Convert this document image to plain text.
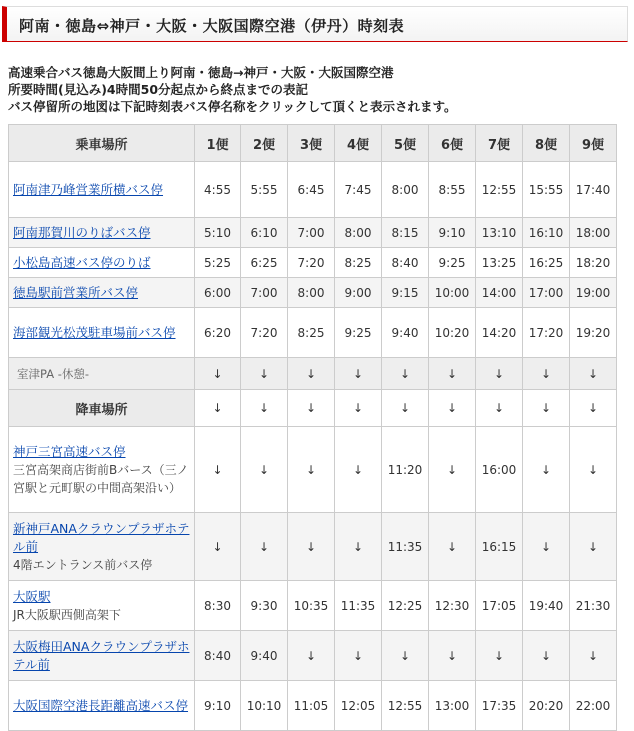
阿南・徳島⇔神戸・大阪・大阪国際空港（伊丹）時刻表
高速乗合バス徳島大阪間上り阿南・徳島→神戸・大阪・大阪国際空港
所要時間(見込み)4時間50分起点から終点までの表記
バス停留所の地図は下記時刻表バス停名称をクリックして頂くと表示されます。
乗車場所	1便	2便	3便	4便	5便	6便	7便	8便	9便
阿南津乃峰営業所横バス停	4:55	5:55	6:45	7:45	8:00	8:55	12:55	15:55	17:40
阿南那賀川のりばバス停	5:10	6:10	7:00	8:00	8:15	9:10	13:10	16:10	18:00
小松島高速バス停のりば	5:25	6:25	7:20	8:25	8:40	9:25	13:25	16:25	18:20
徳島駅前営業所バス停	6:00	7:00	8:00	9:00	9:15	10:00	14:00	17:00	19:00
海部観光松茂駐車場前バス停	6:20	7:20	8:25	9:25	9:40	10:20	14:20	17:20	19:20
室津PA -休憩-	↓	↓	↓	↓	↓	↓	↓	↓	↓
降車場所	↓	↓	↓	↓	↓	↓	↓	↓	↓
神戸三宮高速バス停
三宮高架商店街前Bバース（三ノ宮駅と元町駅の中間高架沿い）	↓	↓	↓	↓	11:20	↓	16:00	↓	↓
新神戸ANAクラウンプラザホテル前
4階エントランス前バス停	↓	↓	↓	↓	11:35	↓	16:15	↓	↓
大阪駅
JR大阪駅西側高架下	8:30	9:30	10:35	11:35	12:25	12:30	17:05	19:40	21:30
大阪梅田ANAクラウンプラザホテル前	8:40	9:40	↓	↓	↓	↓	↓	↓	↓
大阪国際空港長距離高速バス停	9:10	10:10	11:05	12:05	12:55	13:00	17:35	20:20	22:00
